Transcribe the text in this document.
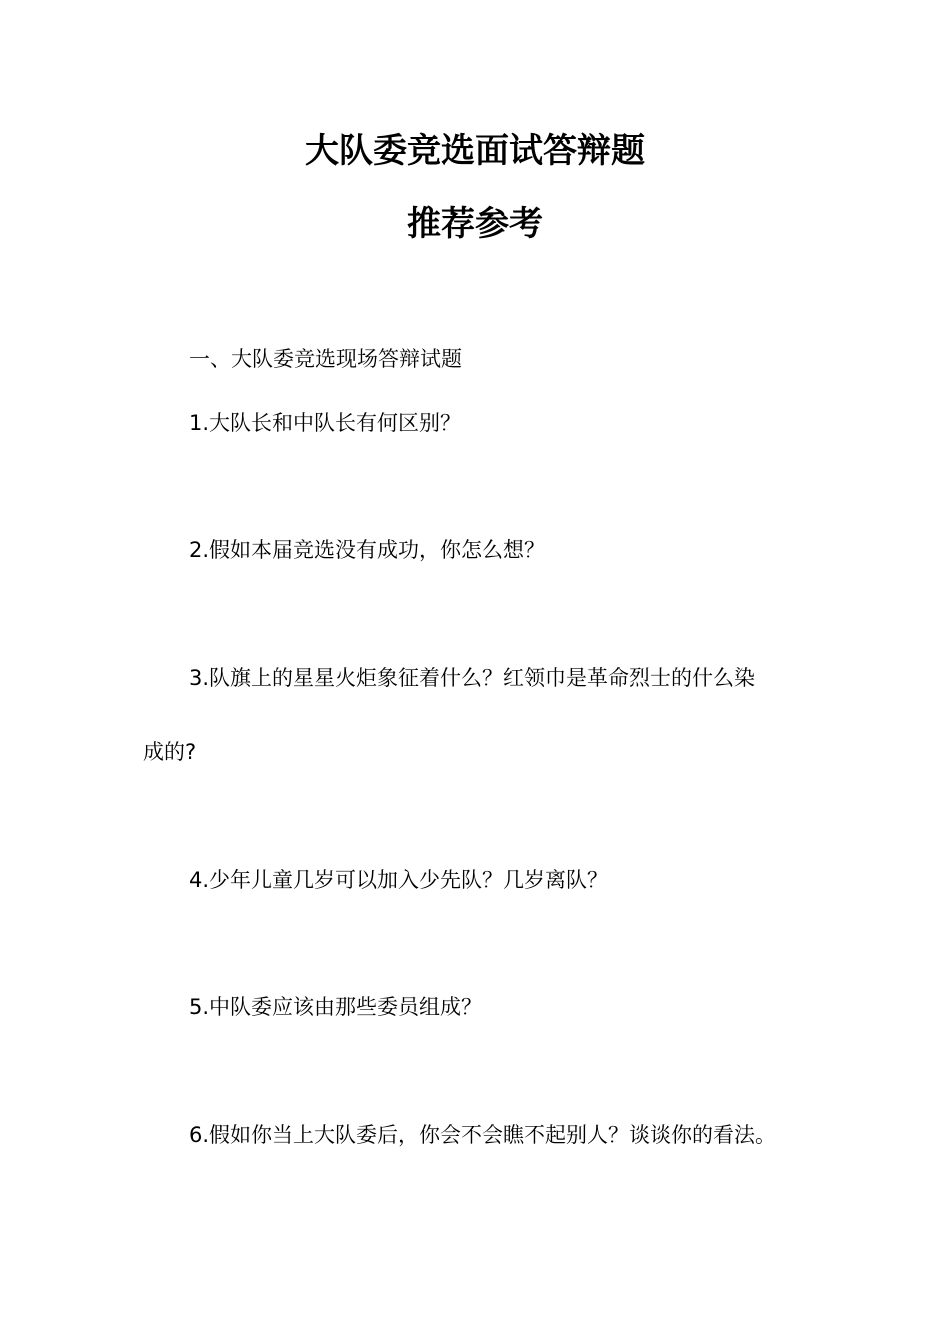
大队委竞选面试答辩题
推荐参考

一、大队委竞选现场答辩试题

1.大队长和中队长有何区别？

2.假如本届竞选没有成功，你怎么想？

3.队旗上的星星火炬象征着什么？红领巾是革命烈士的什么染

成的?

4.少年儿童几岁可以加入少先队？几岁离队？

5.中队委应该由那些委员组成？

6.假如你当上大队委后，你会不会瞧不起别人？谈谈你的看法。
